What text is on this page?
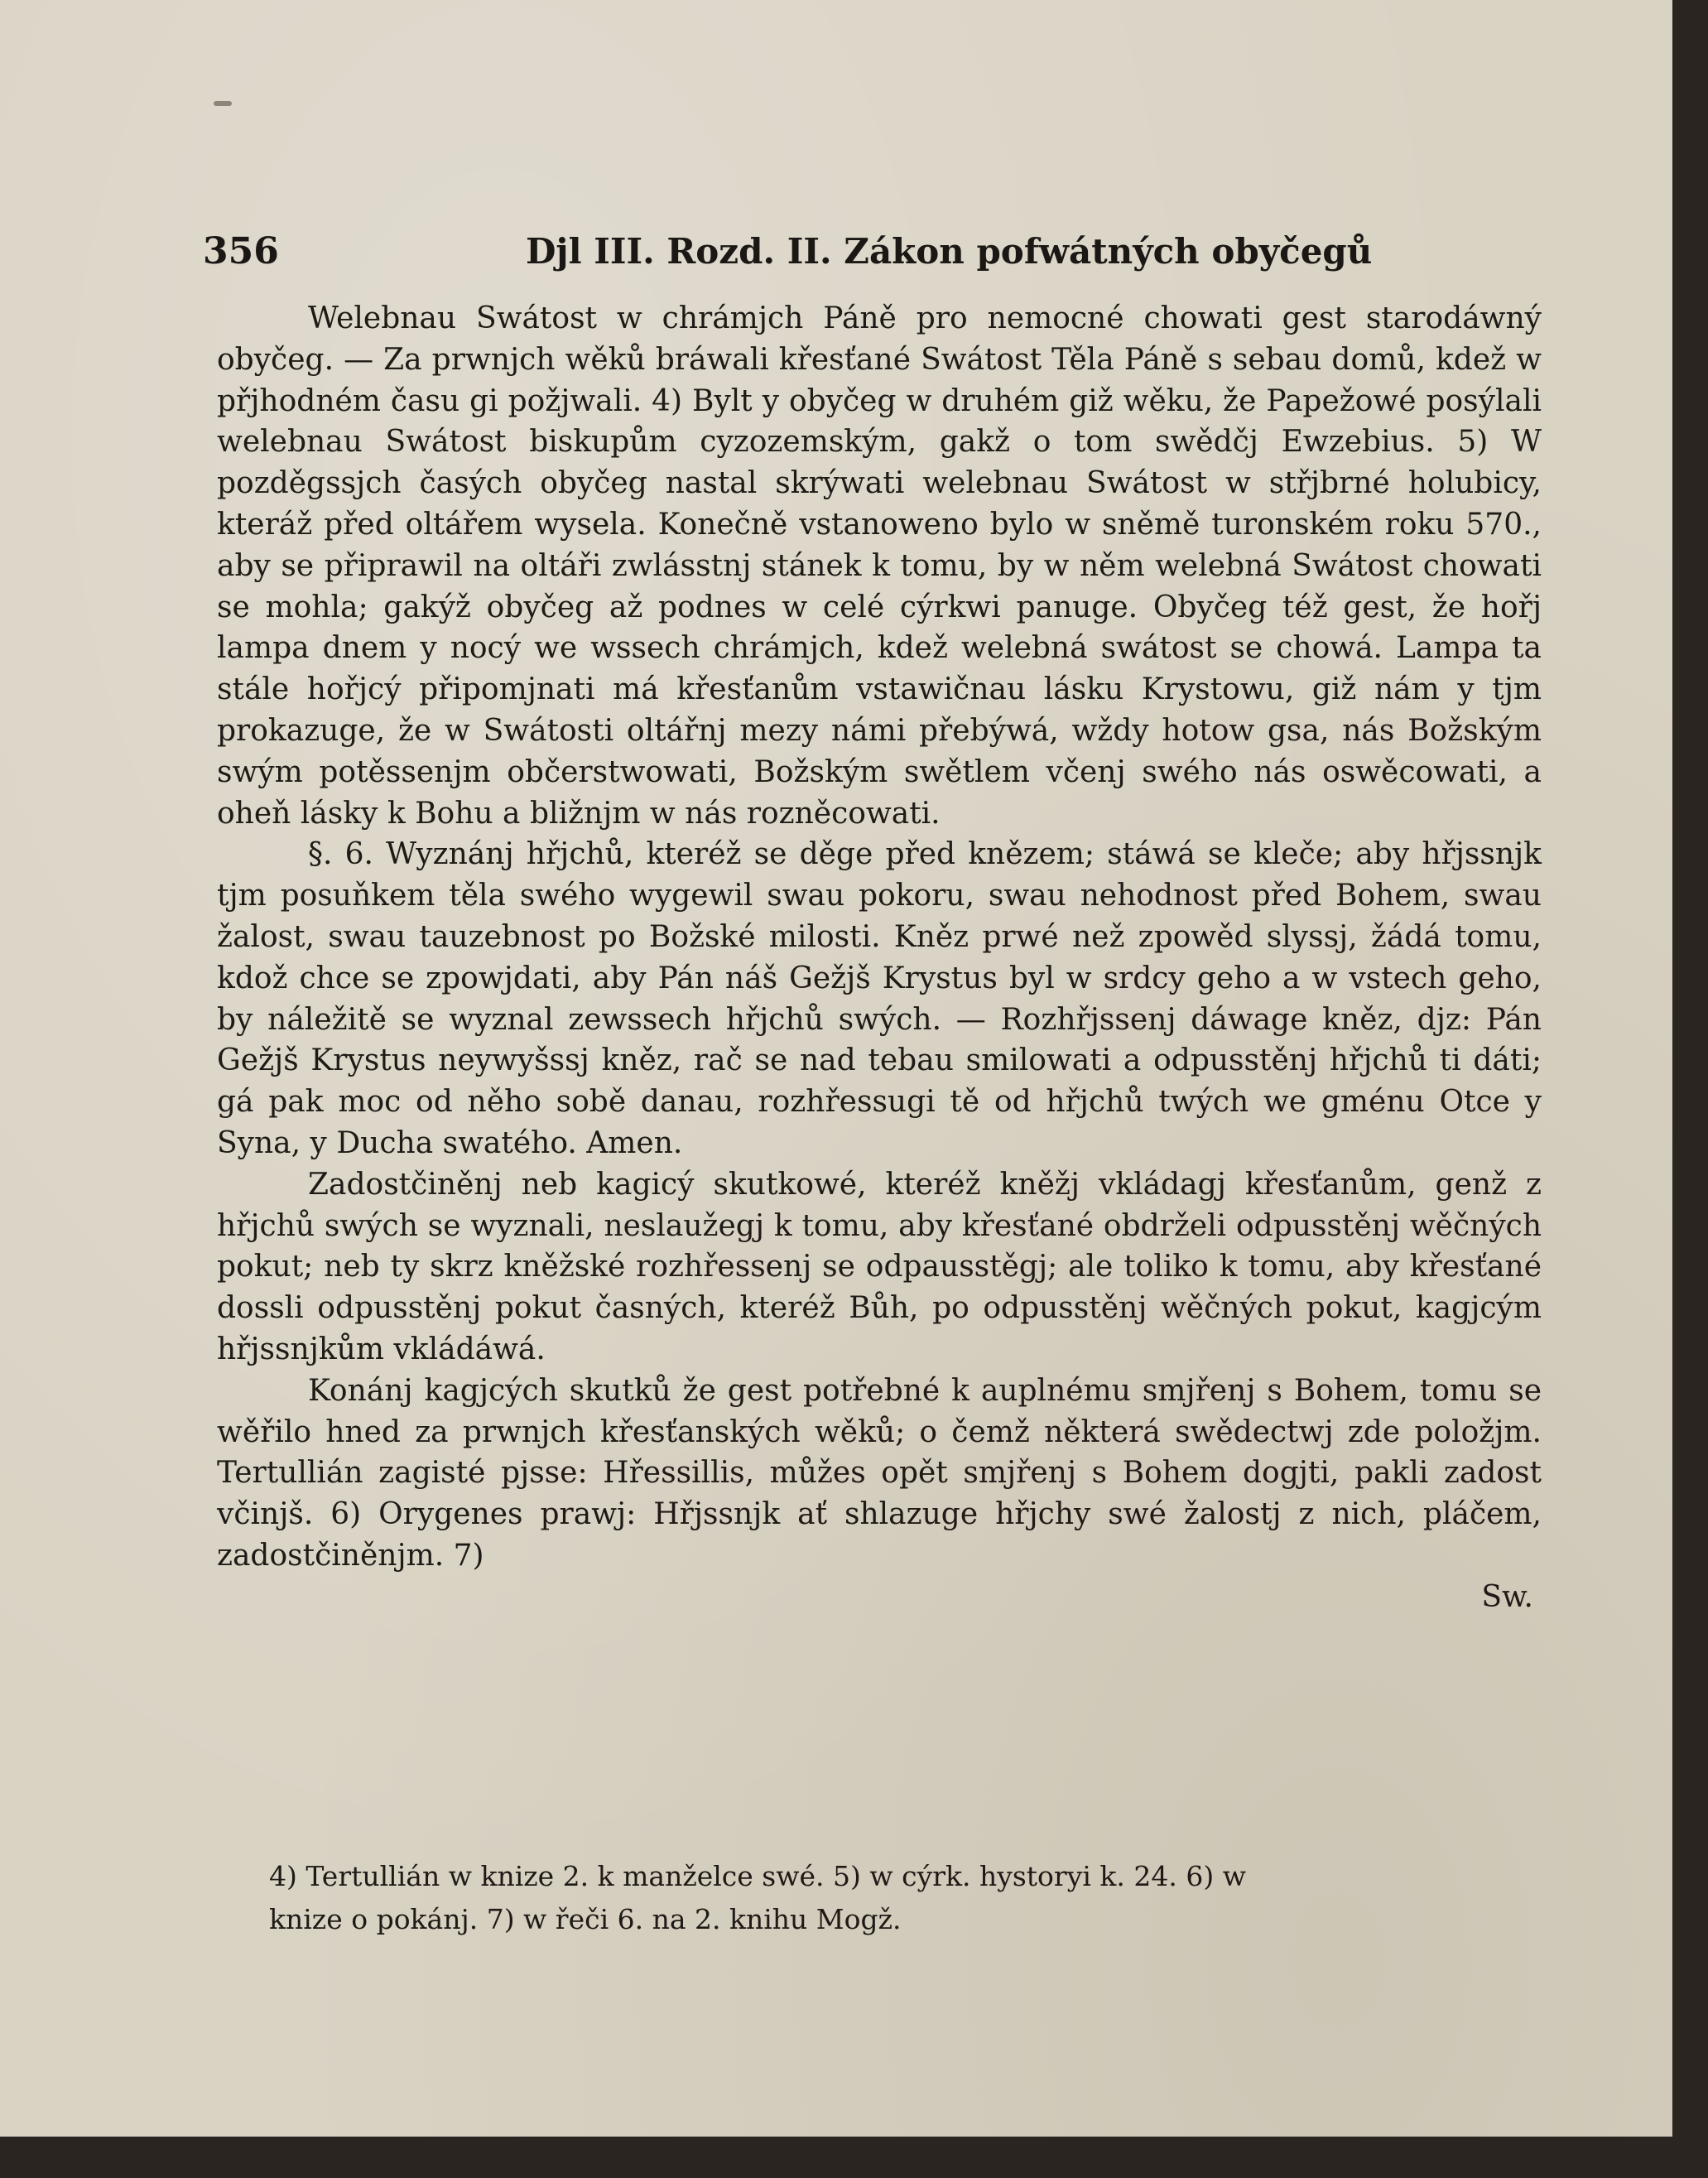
356	Djl III. Rozd. II. Zákon pofwátných obyčegů

Welebnau Swátost w chrámjch Páně pro nemocné chowati gest starodáwný obyčeg. — Za prwnjch wěků bráwali křesťané Swátost Těla Páně s sebau domů, kdež w přjhodném času gi požjwali. 4) Bylt y obyčeg w druhém giž wěku, že Papežowé posýlali welebnau Swátost biskupům cyzozemským, gakž o tom swědčj Ewzebius. 5) W pozděgssjch časých obyčeg nastal skrýwati welebnau Swátost w střjbrné holubicy, kteráž před oltářem wysela. Konečně vstanoweno bylo w sněmě turonském roku 570., aby se připrawil na oltáři zwlásstnj stánek k tomu, by w něm welebná Swátost chowati se mohla; gakýž obyčeg až podnes w celé cýrkwi panuge. Obyčeg též gest, že hořj lampa dnem y nocý we wssech chrámjch, kdež welebná swátost se chowá. Lampa ta stále hořjcý připomjnati má křesťanům vstawičnau lásku Krystowu, giž nám y tjm prokazuge, že w Swátosti oltářnj mezy námi přebýwá, wždy hotow gsa, nás Božským swým potěssenjm občerstwowati, Božským swětlem včenj swého nás oswěcowati, a oheň lásky k Bohu a bližnjm w nás rozněcowati.

§. 6. Wyznánj hřjchů, kteréž se děge před knězem; stáwá se kleče; aby hřjssnjk tjm posuňkem těla swého wygewil swau pokoru, swau nehodnost před Bohem, swau žalost, swau tauzebnost po Božské milosti. Kněz prwé než zpowěd slyssj, žádá tomu, kdož chce se zpowjdati, aby Pán náš Gežjš Krystus byl w srdcy geho a w vstech geho, by náležitě se wyznal zewssech hřjchů swých. — Rozhřjssenj dáwage kněz, djz: Pán Gežjš Krystus neywyšssj kněz, rač se nad tebau smilowati a odpusstěnj hřjchů ti dáti; gá pak moc od něho sobě danau, rozhřessugi tě od hřjchů twých we gménu Otce y Syna, y Ducha swatého. Amen.

Zadostčiněnj neb kagicý skutkowé, kteréž kněžj vkládagj křesťanům, genž z hřjchů swých se wyznali, neslaužegj k tomu, aby křesťané obdrželi odpusstěnj wěčných pokut; neb ty skrz kněžské rozhřessenj se odpausstěgj; ale toliko k tomu, aby křesťané dossli odpusstěnj pokut časných, kteréž Bůh, po odpusstěnj wěčných pokut, kagjcým hřjssnjkům vkládáwá.

Konánj kagjcých skutků že gest potřebné k auplnému smjřenj s Bohem, tomu se wěřilo hned za prwnjch křesťanských wěků; o čemž některá swědectwj zde položjm. Tertullián zagisté pjsse: Hřessillis, můžes opět smjřenj s Bohem dogjti, pakli zadost včinjš. 6) Orygenes prawj: Hřjssnjk ať shlazuge hřjchy swé žalostj z nich, pláčem, zadostčiněnjm. 7)

Sw.

4) Tertullián w knize 2. k manželce swé. 5) w cýrk. hystoryi k. 24. 6) w

knize o pokánj. 7) w řeči 6. na 2. knihu Mogž.
